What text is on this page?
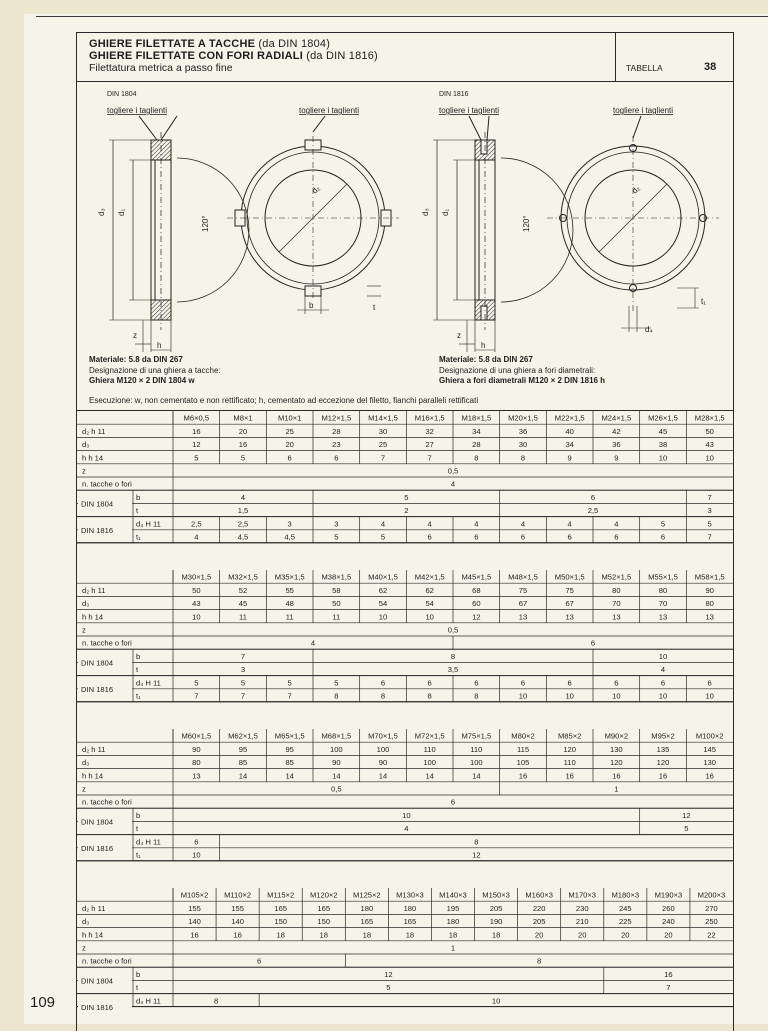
GHIERE FILETTATE A TACCHE (da DIN 1804)
GHIERE FILETTATE CON FORI RADIALI (da DIN 1816)
Filettatura metrica a passo fine	TABELLA	38
DIN 1804
togliere i taglienti
d₃ d₁
120°
z
h
togliere i taglienti
d₂
b	t
DIN 1816
togliere i taglienti
d₃ d₁
120°
z
h
togliere i taglienti
d₂
d₄
t₁
Materiale: 5.8 da DIN 267
Designazione di una ghiera a tacche:
Ghiera M120 × 2 DIN 1804 w
Materiale: 5.8 da DIN 267
Designazione di una ghiera a fori diametrali:
Ghiera a fori diametrali M120 × 2 DIN 1816 h
Esecuzione: w, non cementato e non rettificato; h, cementato ad eccezione del filetto, fianchi paralleli rettificati
M6×0,5	M8×1	M10×1	M12×1,5 M14×1,5 M16×1,5 M18×1,5 M20×1,5 M22×1,5 M24×1,5 M26×1,5 M28×1,5
d₂ h 11	16	20	25	28	30	32	34	36	40	42	45	50
d₃	12	16	20	23	25	27	28	30	34	36	38	43
h h 14	5	5	6	6	7	7	8	8	9	9	10	10
z	0,5
n. tacche o fori	4
b	4	5	6	7
t	1,5	2	2,5	3
d₄ H 11	2,5	2,5	3	3	4	4	4	4	4	4	5	5
t₁	4	4,5	4,5	5	5	6	6	6	6	6	6	7
DIN 1804
DIN 1816
M30×1,5 M32×1,5 M35×1,5 M38×1,5 M40×1,5 M42×1,5 M45×1,5 M48×1,5 M50×1,5 M52×1,5 M55×1,5 M58×1,5
d₂ h 11	50	52	55	58	62	62	68	75	75	80	80	90
d₃	43	45	48	50	54	54	60	67	67	70	70	80
h h 14	10	11	11	11	10	10	12	13	13	13	13	13
z	0,5
n. tacche o fori	4	6
b	7	8	10
t	3	3,5	4
d₄ H 11	5	5	5	5	6	6	6	6	6	6	6	6
t₁	7	7	7	8	8	8	8	10	10	10	10	10
DIN 1804
DIN 1816
M60×1,5 M62×1,5 M65×1,5 M68×1,5 M70×1,5 M72×1,5 M75×1,5	M80×2	M85×2	M90×2	M95×2	M100×2
d₂ h 11	90	95	95	100	100	110	110	115	120	130	135	145
d₃	80	85	85	90	90	100	100	105	110	120	120	130
h h 14	13	14	14	14	14	14	14	16	16	16	16	16
z	0,5	1
n. tacche o fori	6
b	10	12
t	4	5
d₄ H 11	6	8
t₁	10	12
DIN 1804
DIN 1816
M105×2 M110×2 M115×2 M120×2 M125×2 M130×3 M140×3 M150×3 M160×3 M170×3 M180×3 M190×3 M200×3
d₂ h 11	155	155	165	165	180	180	195	205	220	230	245	260	270
d₃	140	140	150	150	165	165	180	190	205	210	225	240	250
h h 14	16	16	18	18	18	18	18	18	20	20	20	20	22
z	1
n. tacche o fori	6	8
b	12	16
t	5	7
d₄ H 11	8	10
DIN 1804
DIN 1816
109
